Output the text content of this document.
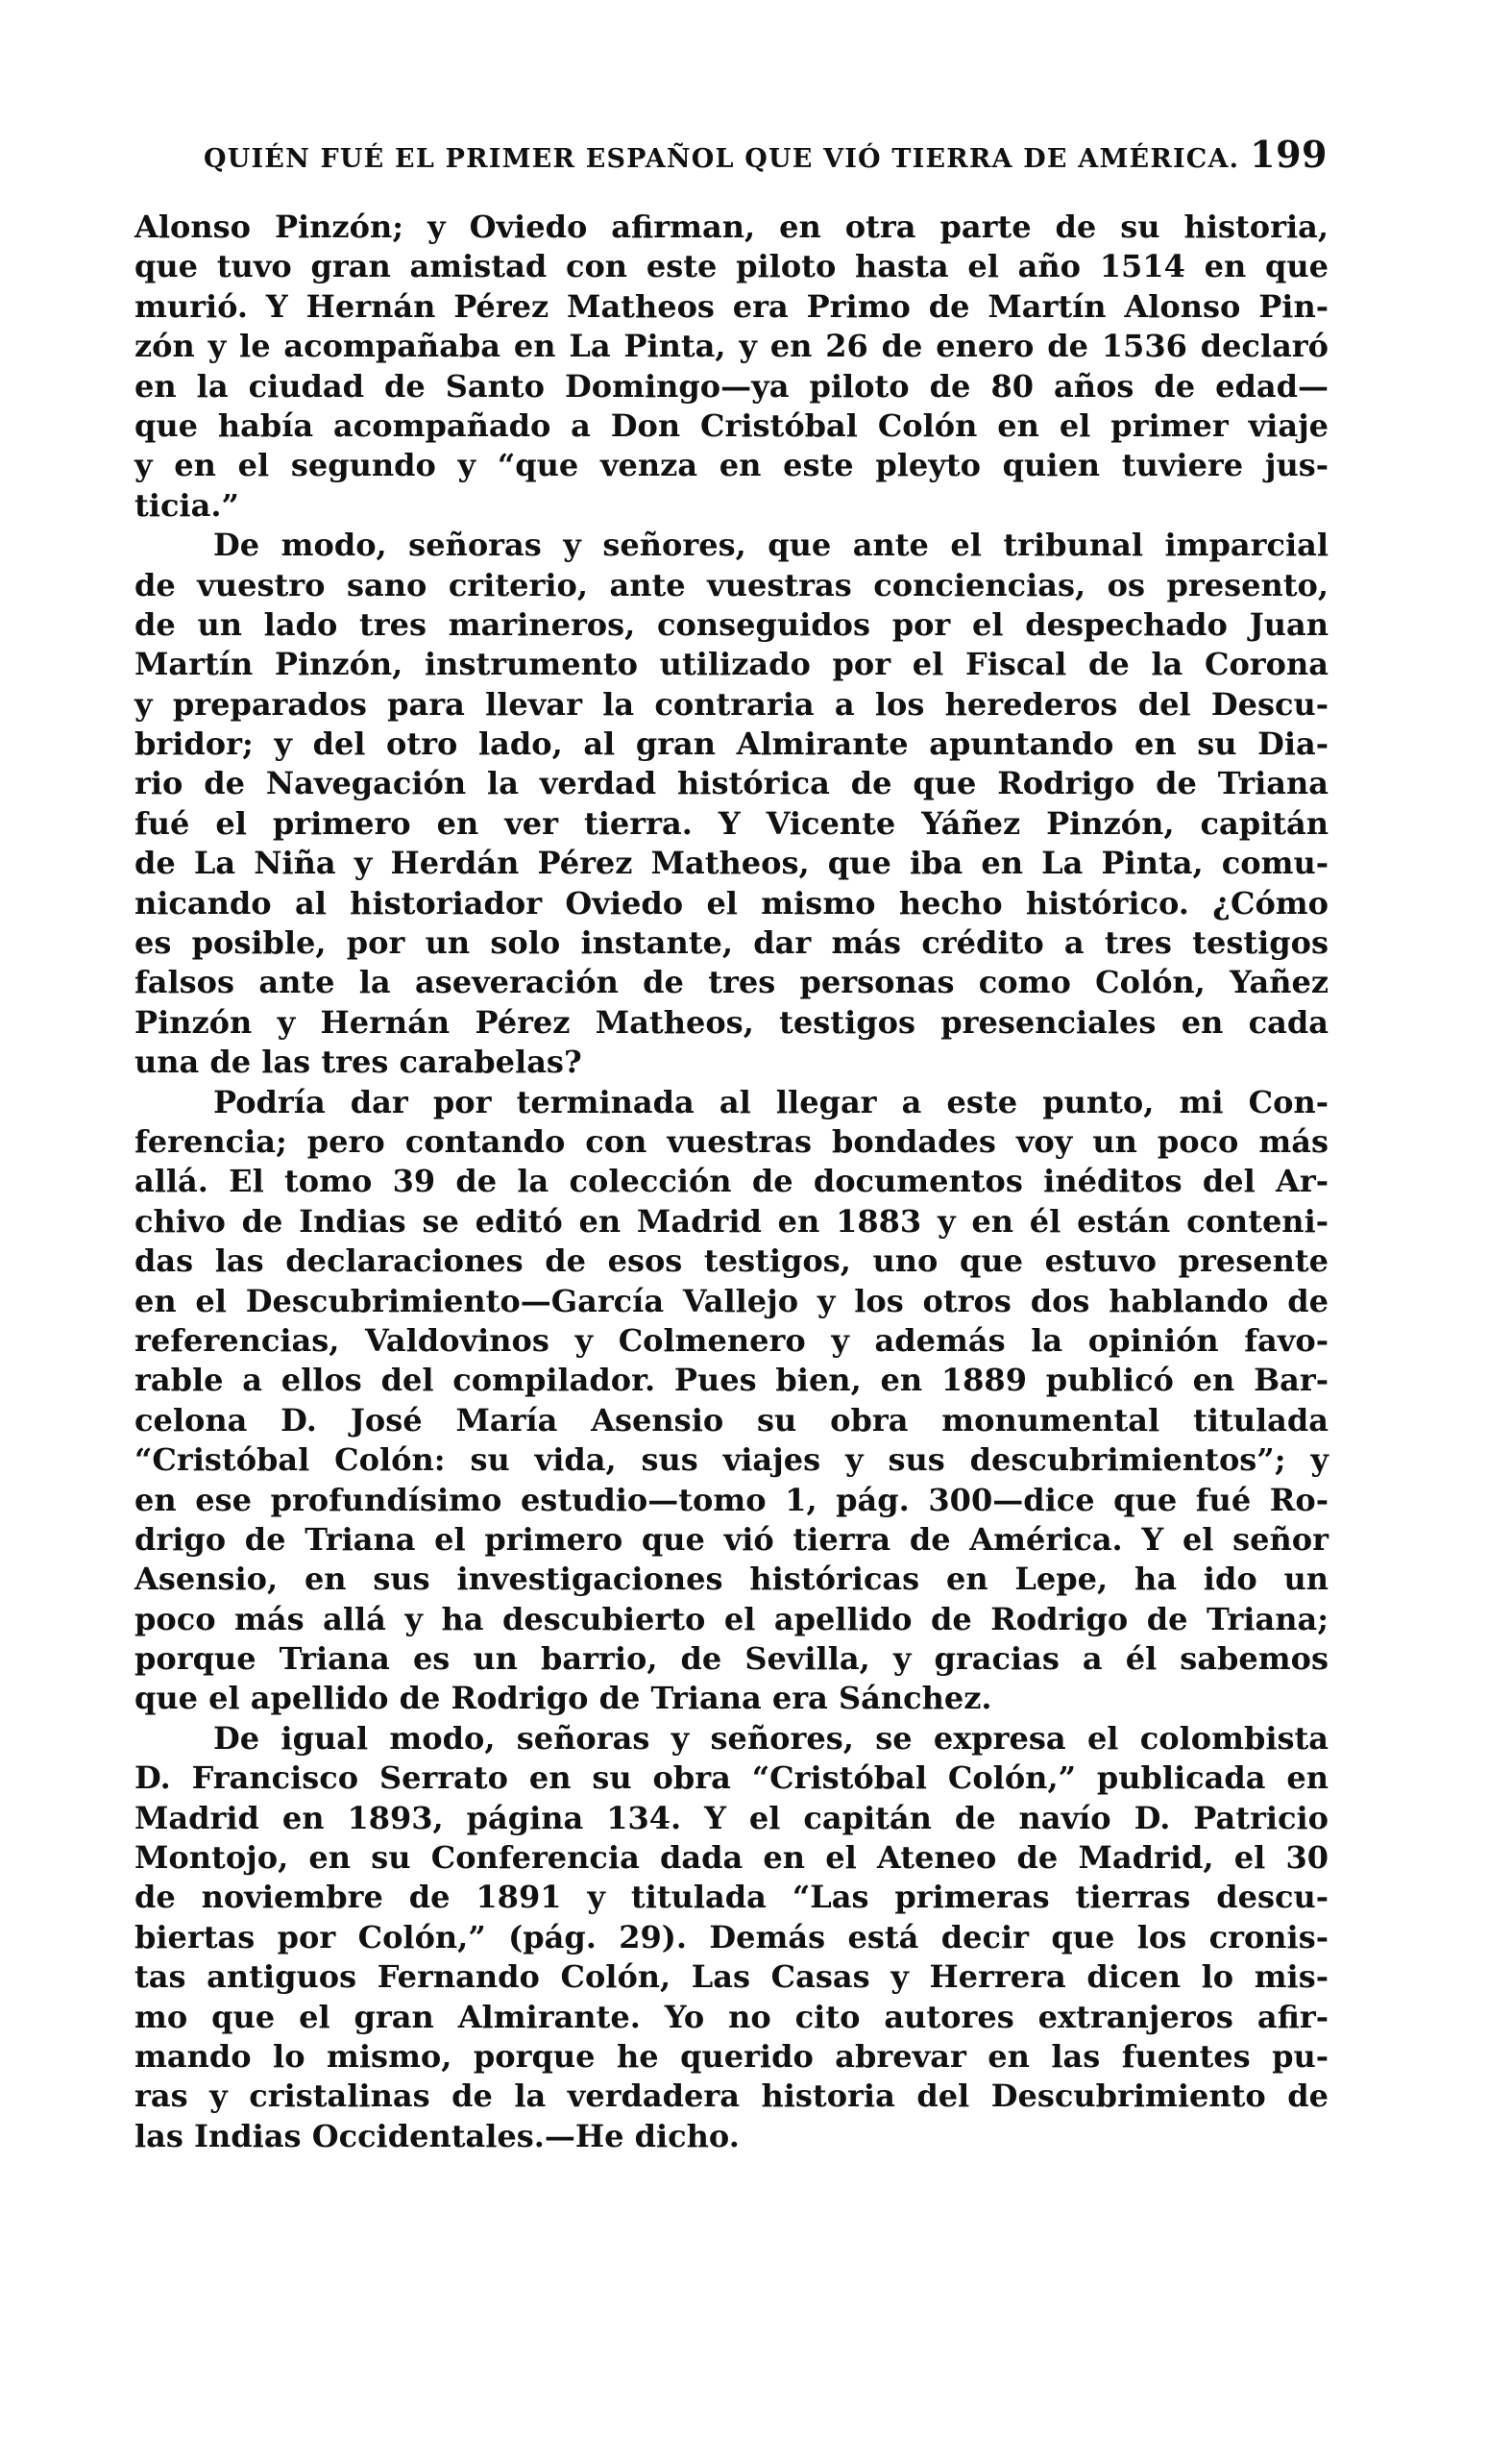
QUIÉN FUÉ EL PRIMER ESPAÑOL QUE VIÓ TIERRA DE AMÉRICA. 199
Alonso Pinzón; y Oviedo afirman, en otra parte de su historia,
que tuvo gran amistad con este piloto hasta el año 1514 en que
murió. Y Hernán Pérez Matheos era Primo de Martín Alonso Pin-
zón y le acompañaba en La Pinta, y en 26 de enero de 1536 declaró
en la ciudad de Santo Domingo—ya piloto de 80 años de edad—
que había acompañado a Don Cristóbal Colón en el primer viaje
y en el segundo y “que venza en este pleyto quien tuviere jus-
ticia.”
De modo, señoras y señores, que ante el tribunal imparcial
de vuestro sano criterio, ante vuestras conciencias, os presento,
de un lado tres marineros, conseguidos por el despechado Juan
Martín Pinzón, instrumento utilizado por el Fiscal de la Corona
y preparados para llevar la contraria a los herederos del Descu-
bridor; y del otro lado, al gran Almirante apuntando en su Dia-
rio de Navegación la verdad histórica de que Rodrigo de Triana
fué el primero en ver tierra. Y Vicente Yáñez Pinzón, capitán
de La Niña y Herdán Pérez Matheos, que iba en La Pinta, comu-
nicando al historiador Oviedo el mismo hecho histórico. ¿Cómo
es posible, por un solo instante, dar más crédito a tres testigos
falsos ante la aseveración de tres personas como Colón, Yañez
Pinzón y Hernán Pérez Matheos, testigos presenciales en cada
una de las tres carabelas?
Podría dar por terminada al llegar a este punto, mi Con-
ferencia; pero contando con vuestras bondades voy un poco más
allá. El tomo 39 de la colección de documentos inéditos del Ar-
chivo de Indias se editó en Madrid en 1883 y en él están conteni-
das las declaraciones de esos testigos, uno que estuvo presente
en el Descubrimiento—García Vallejo y los otros dos hablando de
referencias, Valdovinos y Colmenero y además la opinión favo-
rable a ellos del compilador. Pues bien, en 1889 publicó en Bar-
celona D. José María Asensio su obra monumental titulada
“Cristóbal Colón: su vida, sus viajes y sus descubrimientos”; y
en ese profundísimo estudio—tomo 1, pág. 300—dice que fué Ro-
drigo de Triana el primero que vió tierra de América. Y el señor
Asensio, en sus investigaciones históricas en Lepe, ha ido un
poco más allá y ha descubierto el apellido de Rodrigo de Triana;
porque Triana es un barrio, de Sevilla, y gracias a él sabemos
que el apellido de Rodrigo de Triana era Sánchez.
De igual modo, señoras y señores, se expresa el colombista
D. Francisco Serrato en su obra “Cristóbal Colón,” publicada en
Madrid en 1893, página 134. Y el capitán de navío D. Patricio
Montojo, en su Conferencia dada en el Ateneo de Madrid, el 30
de noviembre de 1891 y titulada “Las primeras tierras descu-
biertas por Colón,” (pág. 29). Demás está decir que los cronis-
tas antiguos Fernando Colón, Las Casas y Herrera dicen lo mis-
mo que el gran Almirante. Yo no cito autores extranjeros afir-
mando lo mismo, porque he querido abrevar en las fuentes pu-
ras y cristalinas de la verdadera historia del Descubrimiento de
las Indias Occidentales.—He dicho.
